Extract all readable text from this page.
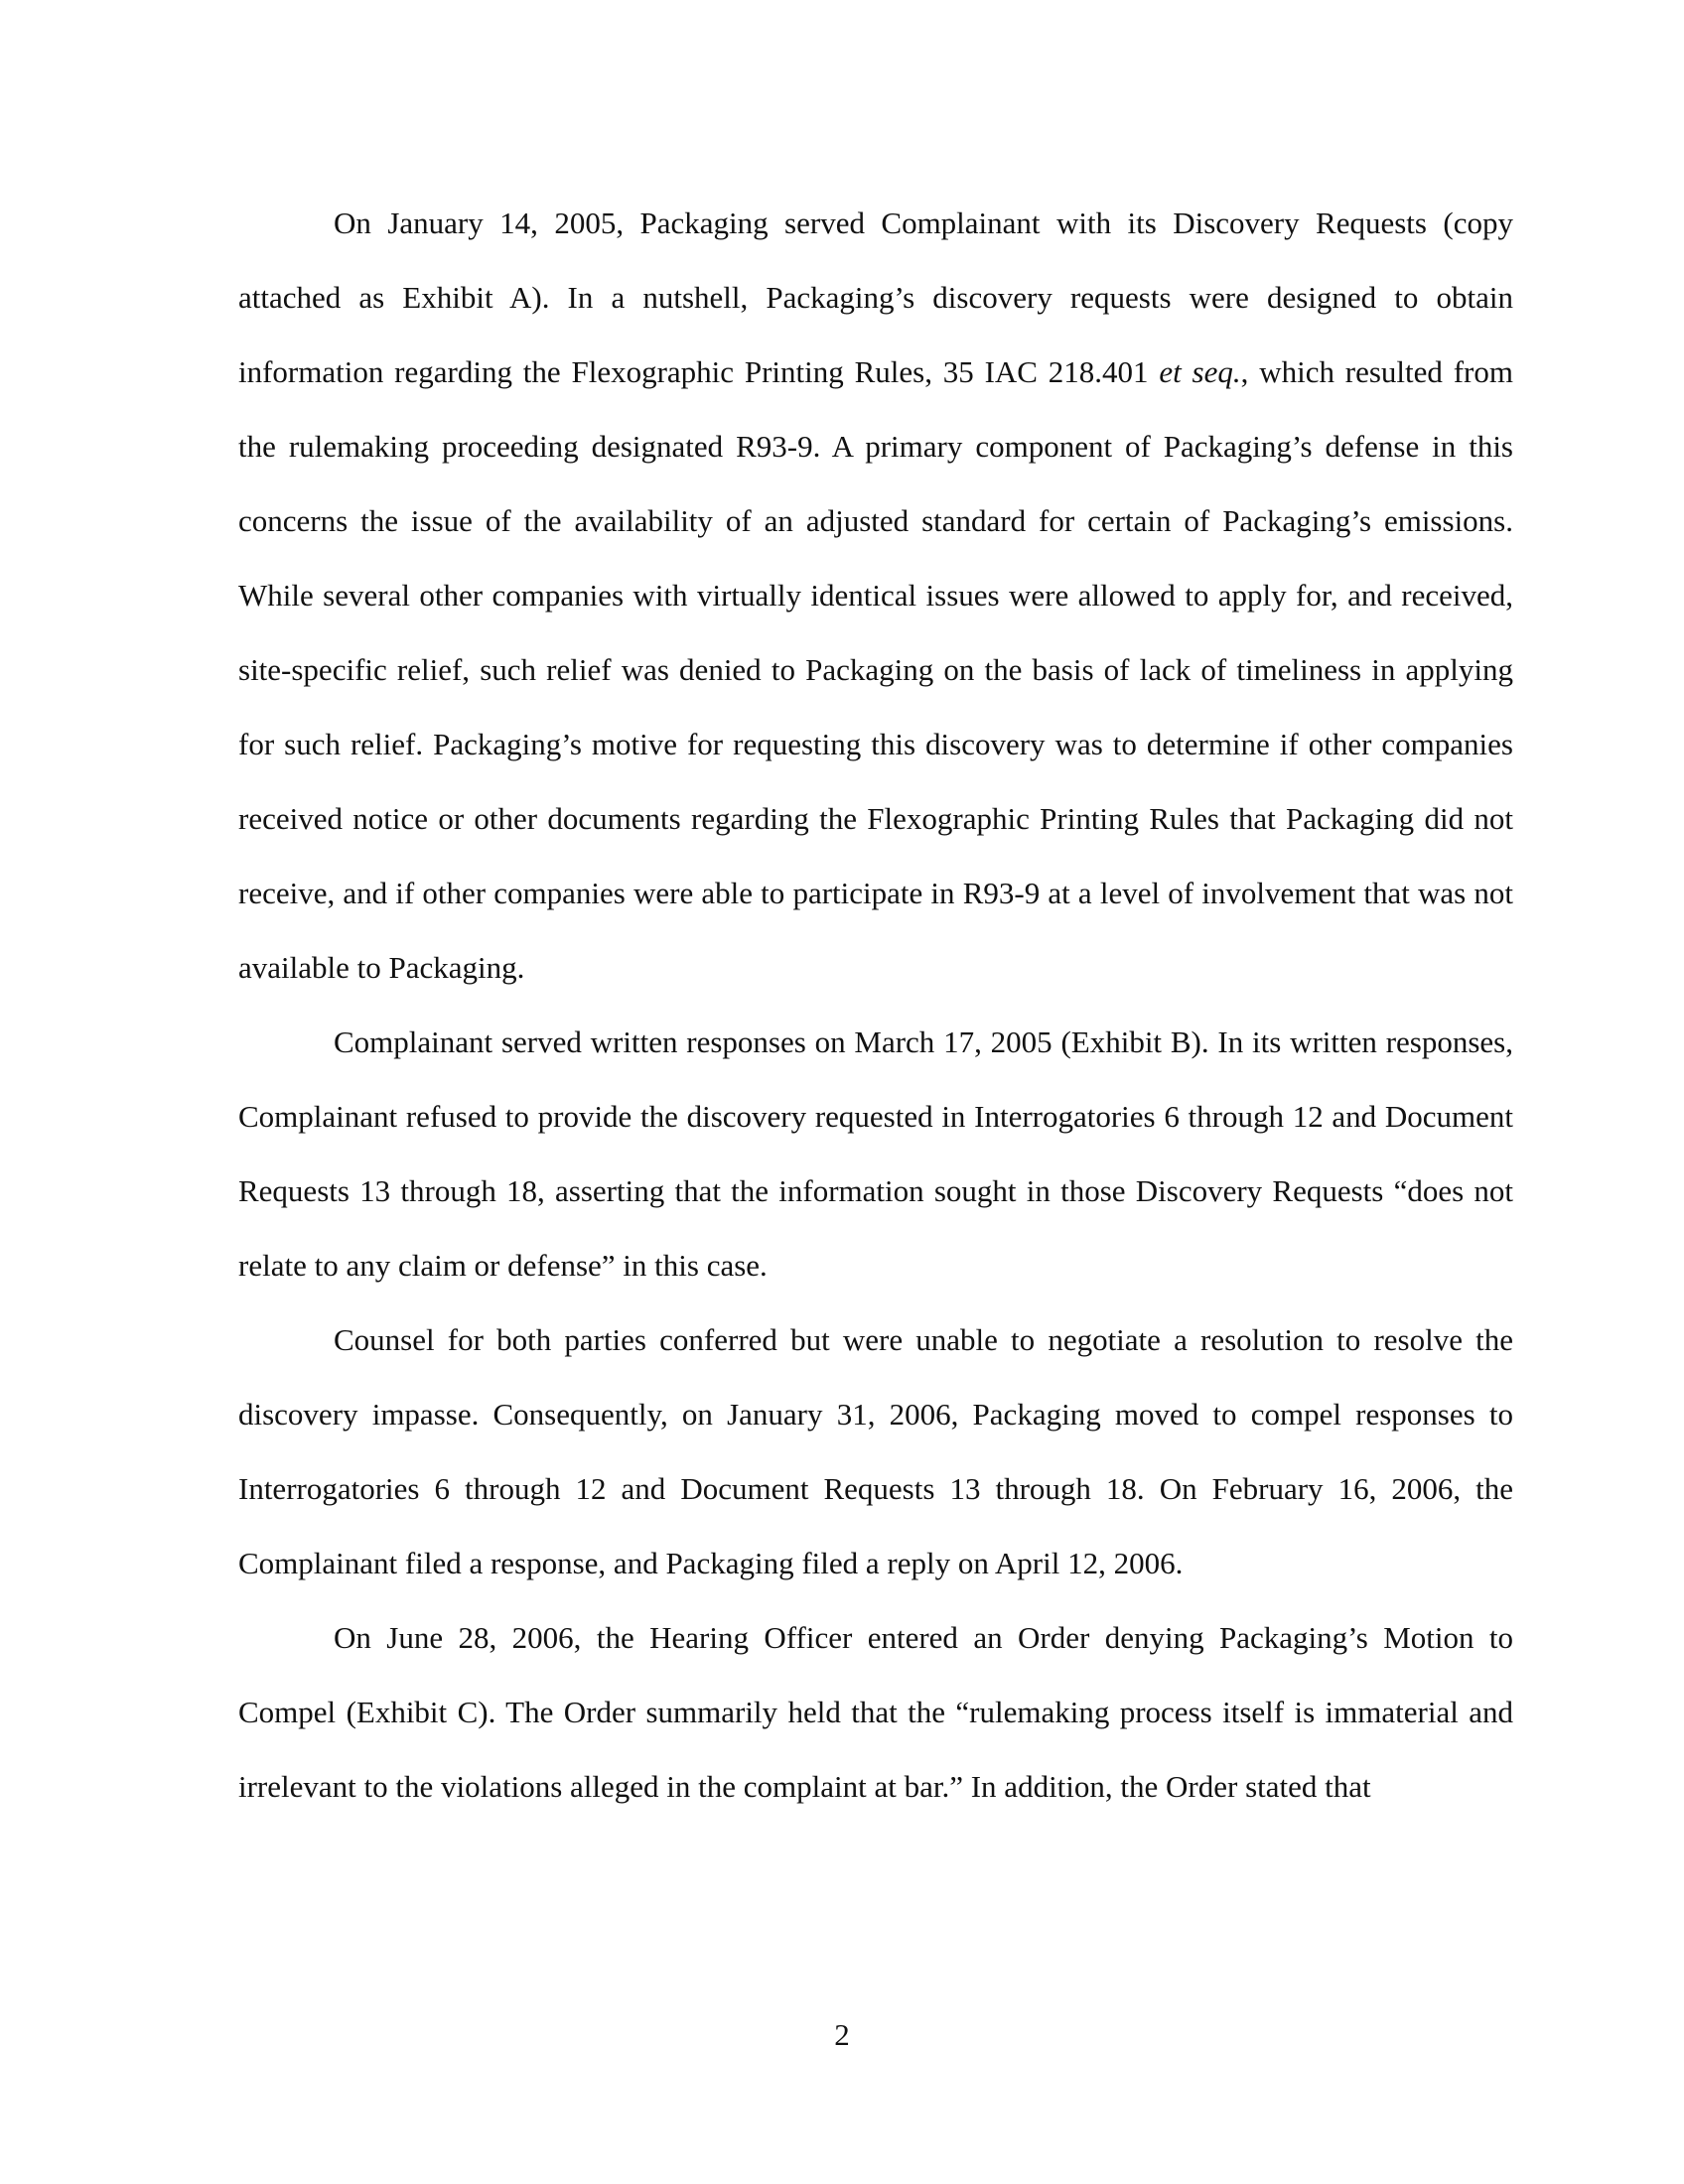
On January 14, 2005, Packaging served Complainant with its Discovery Requests (copy attached as Exhibit A). In a nutshell, Packaging’s discovery requests were designed to obtain information regarding the Flexographic Printing Rules, 35 IAC 218.401 et seq., which resulted from the rulemaking proceeding designated R93-9. A primary component of Packaging’s defense in this concerns the issue of the availability of an adjusted standard for certain of Packaging’s emissions. While several other companies with virtually identical issues were allowed to apply for, and received, site-specific relief, such relief was denied to Packaging on the basis of lack of timeliness in applying for such relief. Packaging’s motive for requesting this discovery was to determine if other companies received notice or other documents regarding the Flexographic Printing Rules that Packaging did not receive, and if other companies were able to participate in R93-9 at a level of involvement that was not available to Packaging.

Complainant served written responses on March 17, 2005 (Exhibit B). In its written responses, Complainant refused to provide the discovery requested in Interrogatories 6 through 12 and Document Requests 13 through 18, asserting that the information sought in those Discovery Requests “does not relate to any claim or defense” in this case.

Counsel for both parties conferred but were unable to negotiate a resolution to resolve the discovery impasse. Consequently, on January 31, 2006, Packaging moved to compel responses to Interrogatories 6 through 12 and Document Requests 13 through 18. On February 16, 2006, the Complainant filed a response, and Packaging filed a reply on April 12, 2006.

On June 28, 2006, the Hearing Officer entered an Order denying Packaging’s Motion to Compel (Exhibit C). The Order summarily held that the “rulemaking process itself is immaterial and irrelevant to the violations alleged in the complaint at bar.” In addition, the Order stated that

2
